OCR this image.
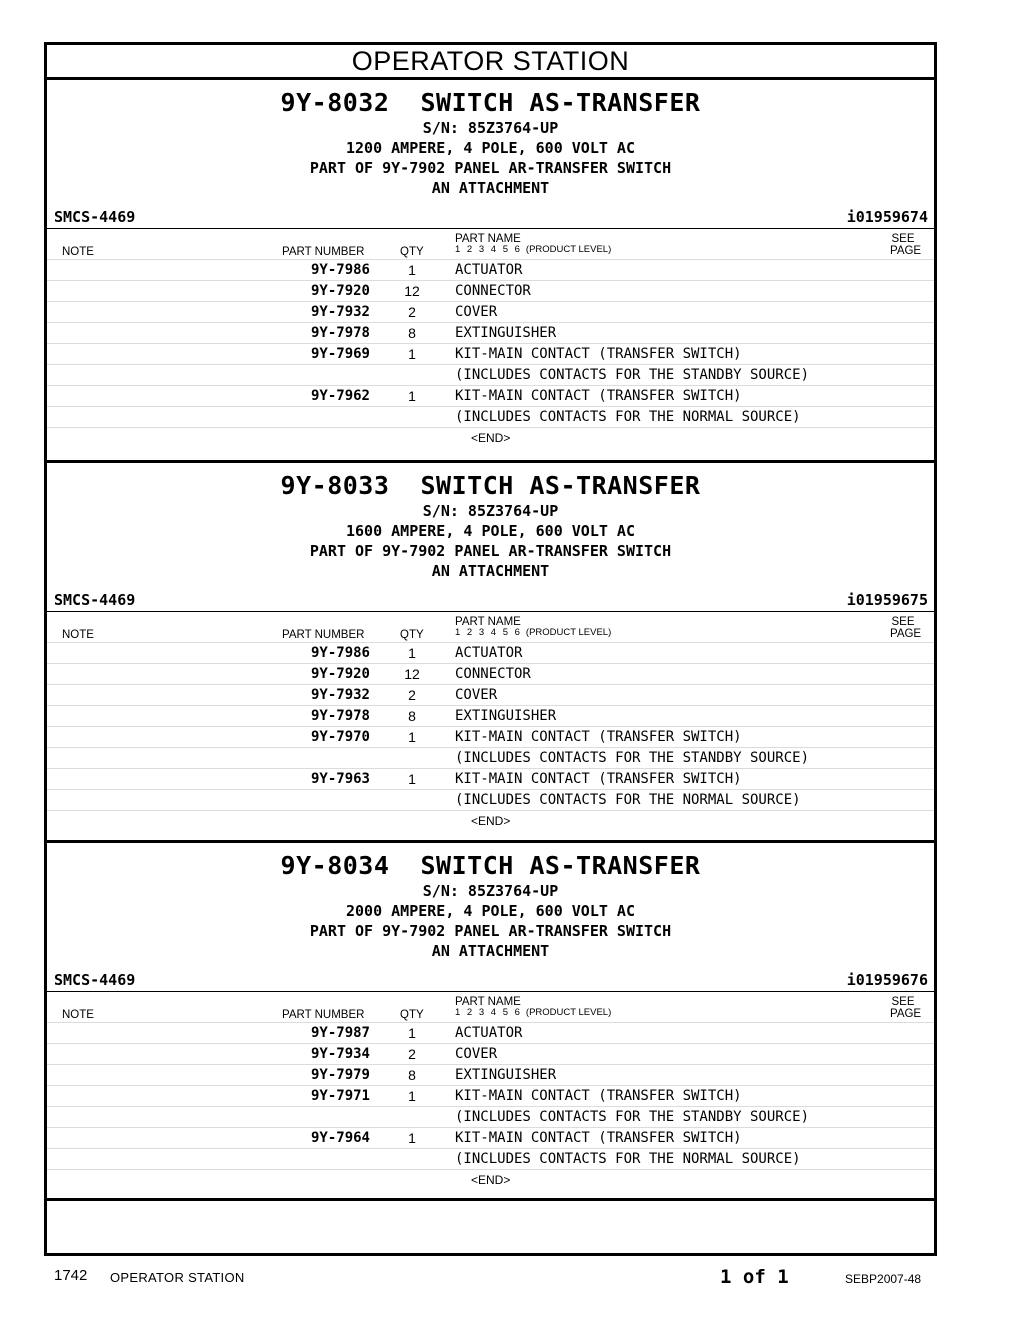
OPERATOR STATION
9Y-8032  SWITCH AS-TRANSFER
S/N: 85Z3764-UP
1200 AMPERE, 4 POLE, 600 VOLT AC
PART OF 9Y-7902 PANEL AR-TRANSFER SWITCH
AN ATTACHMENT
SMCS-4469	i01959674
NOTE	PART NUMBER	QTY
PART NAME
1 2 3 4 5 6 (PRODUCT LEVEL)
SEE
PAGE
9Y-7986	1	ACTUATOR
9Y-7920	12	CONNECTOR
9Y-7932	2	COVER
9Y-7978	8	EXTINGUISHER
9Y-7969	1	KIT-MAIN CONTACT (TRANSFER SWITCH)
(INCLUDES CONTACTS FOR THE STANDBY SOURCE)
9Y-7962	1	KIT-MAIN CONTACT (TRANSFER SWITCH)
(INCLUDES CONTACTS FOR THE NORMAL SOURCE)
<END>
9Y-8033  SWITCH AS-TRANSFER
S/N: 85Z3764-UP
1600 AMPERE, 4 POLE, 600 VOLT AC
PART OF 9Y-7902 PANEL AR-TRANSFER SWITCH
AN ATTACHMENT
SMCS-4469	i01959675
NOTE	PART NUMBER	QTY
PART NAME
1 2 3 4 5 6 (PRODUCT LEVEL)
SEE
PAGE
9Y-7986	1	ACTUATOR
9Y-7920	12	CONNECTOR
9Y-7932	2	COVER
9Y-7978	8	EXTINGUISHER
9Y-7970	1	KIT-MAIN CONTACT (TRANSFER SWITCH)
(INCLUDES CONTACTS FOR THE STANDBY SOURCE)
9Y-7963	1	KIT-MAIN CONTACT (TRANSFER SWITCH)
(INCLUDES CONTACTS FOR THE NORMAL SOURCE)
<END>
9Y-8034  SWITCH AS-TRANSFER
S/N: 85Z3764-UP
2000 AMPERE, 4 POLE, 600 VOLT AC
PART OF 9Y-7902 PANEL AR-TRANSFER SWITCH
AN ATTACHMENT
SMCS-4469	i01959676
NOTE	PART NUMBER	QTY
PART NAME
1 2 3 4 5 6 (PRODUCT LEVEL)
SEE
PAGE
9Y-7987	1	ACTUATOR
9Y-7934	2	COVER
9Y-7979	8	EXTINGUISHER
9Y-7971	1	KIT-MAIN CONTACT (TRANSFER SWITCH)
(INCLUDES CONTACTS FOR THE STANDBY SOURCE)
9Y-7964	1	KIT-MAIN CONTACT (TRANSFER SWITCH)
(INCLUDES CONTACTS FOR THE NORMAL SOURCE)
<END>
1742 OPERATOR STATION	1 of 1	SEBP2007-48
